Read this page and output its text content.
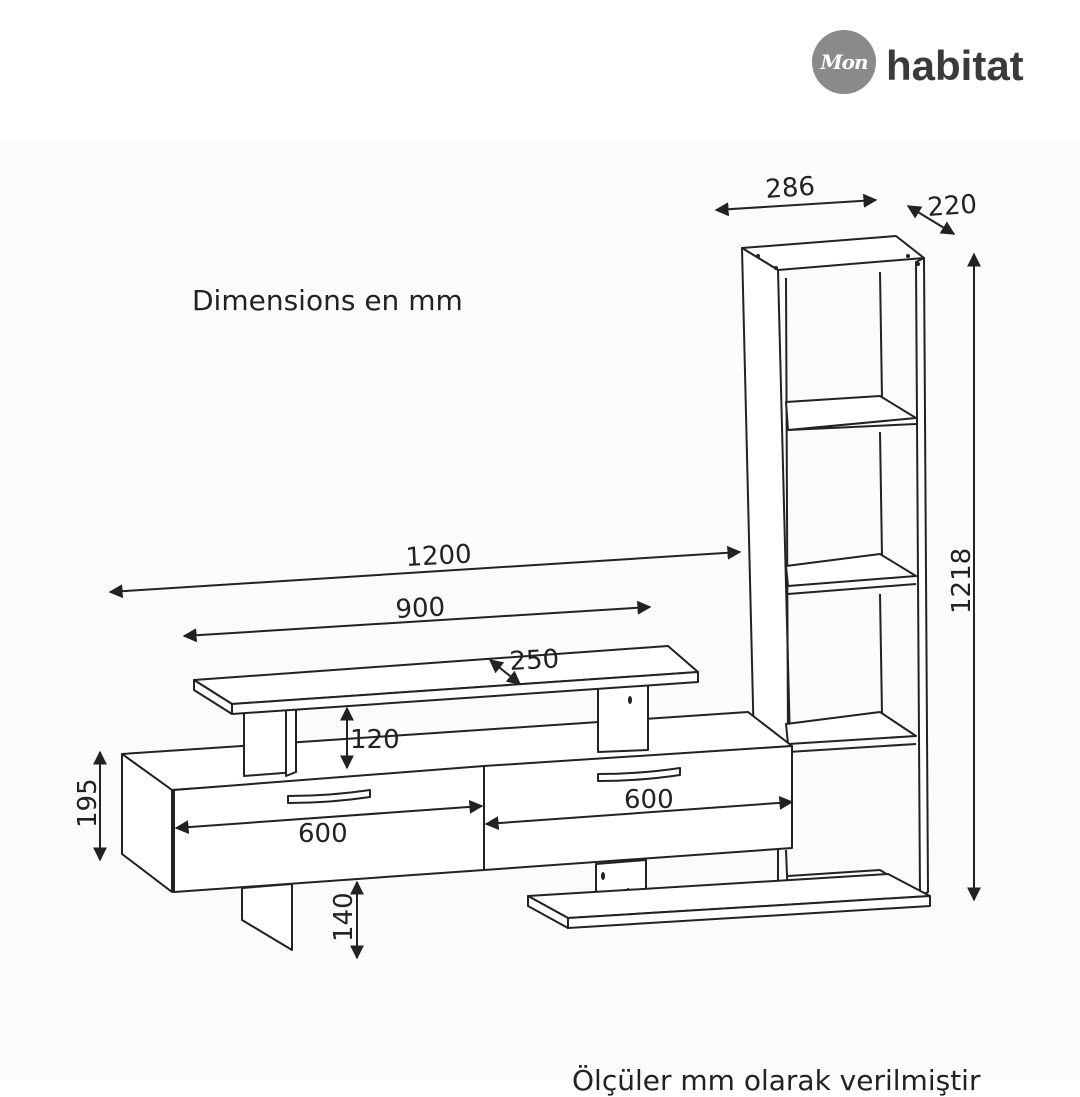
Mon habitat
Dimensions en mm
286
220
1218
1200
900
250
120
600
600
195
140
Ölçüler mm olarak verilmiştir
